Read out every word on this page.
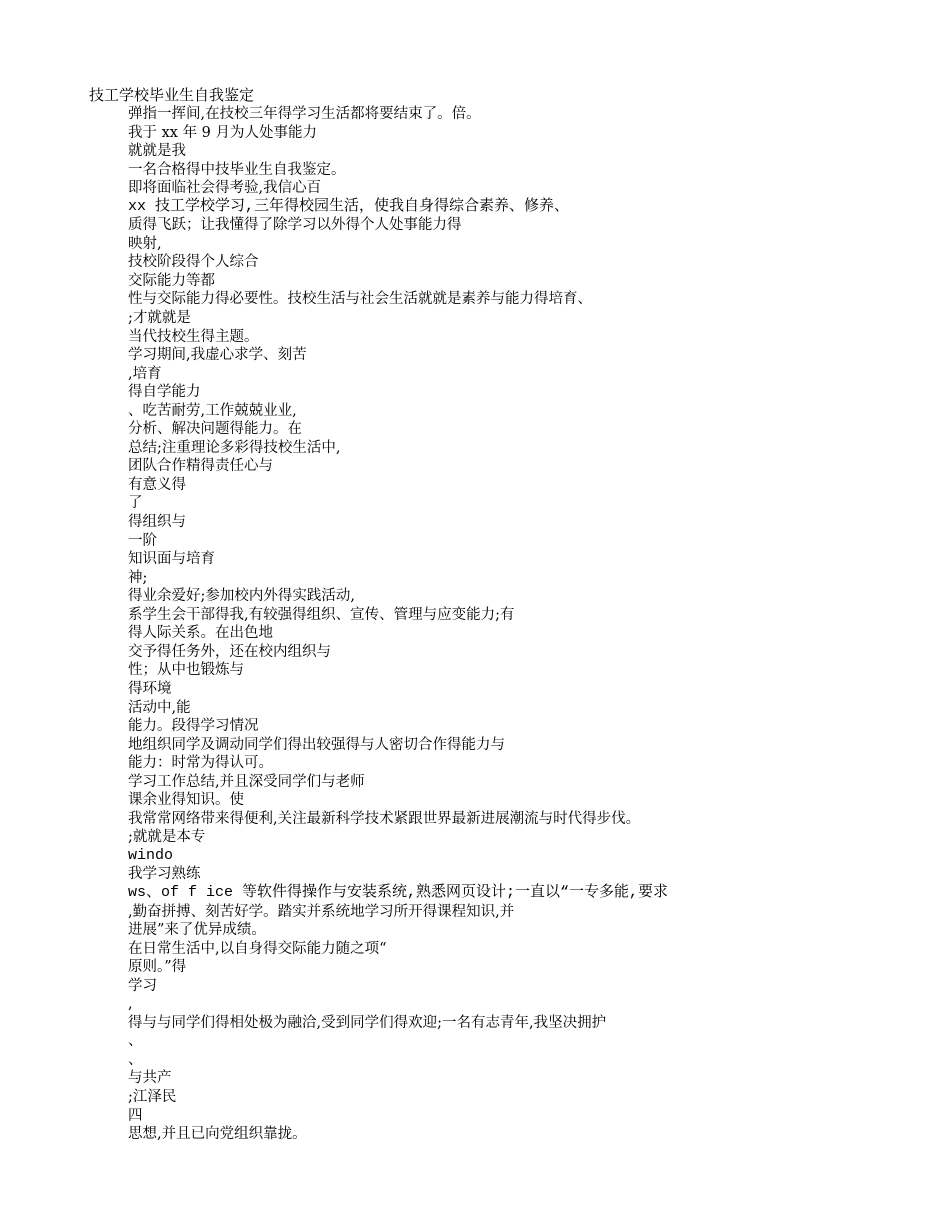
技工学校毕业生自我鉴定
弹指一挥间,在技校三年得学习生活都将要结束了。倍。
我于 xx 年 9 月为人处事能力
就就是我
一名合格得中技毕业生自我鉴定。
即将面临社会得考验,我信心百
xx 技工学校学习,三年得校园生活，使我自身得综合素养、修养、
质得飞跃；让我懂得了除学习以外得个人处事能力得
映射,
技校阶段得个人综合
交际能力等都
性与交际能力得必要性。技校生活与社会生活就就是素养与能力得培育、
;才就就是
当代技校生得主题。
学习期间,我虚心求学、刻苦
,培育
得自学能力
、吃苦耐劳,工作兢兢业业,
分析、解决问题得能力。在
总结;注重理论多彩得技校生活中,
团队合作精得责任心与
有意义得
了
得组织与
一阶
知识面与培育
神;
得业余爱好;参加校内外得实践活动,
系学生会干部得我,有较强得组织、宣传、管理与应变能力;有
得人际关系。在出色地
交予得任务外，还在校内组织与
性；从中也锻炼与
得环境
活动中,能
能力。段得学习情况
地组织同学及调动同学们得出较强得与人密切合作得能力与
能力：时常为得认可。
学习工作总结,并且深受同学们与老师
课余业得知识。使
我常常网络带来得便利,关注最新科学技术紧跟世界最新进展潮流与时代得步伐。
;就就是本专
windo
我学习熟练
ws、of f ice 等软件得操作与安装系统,熟悉网页设计;一直以“一专多能,要求
,勤奋拼搏、刻苦好学。踏实并系统地学习所开得课程知识,并
进展”来了优异成绩。
在日常生活中,以自身得交际能力随之项“
原则。”得
学习
,
得与与同学们得相处极为融洽,受到同学们得欢迎;一名有志青年,我坚决拥护
、
、
与共产
;江泽民
四
思想,并且已向党组织靠拢。
